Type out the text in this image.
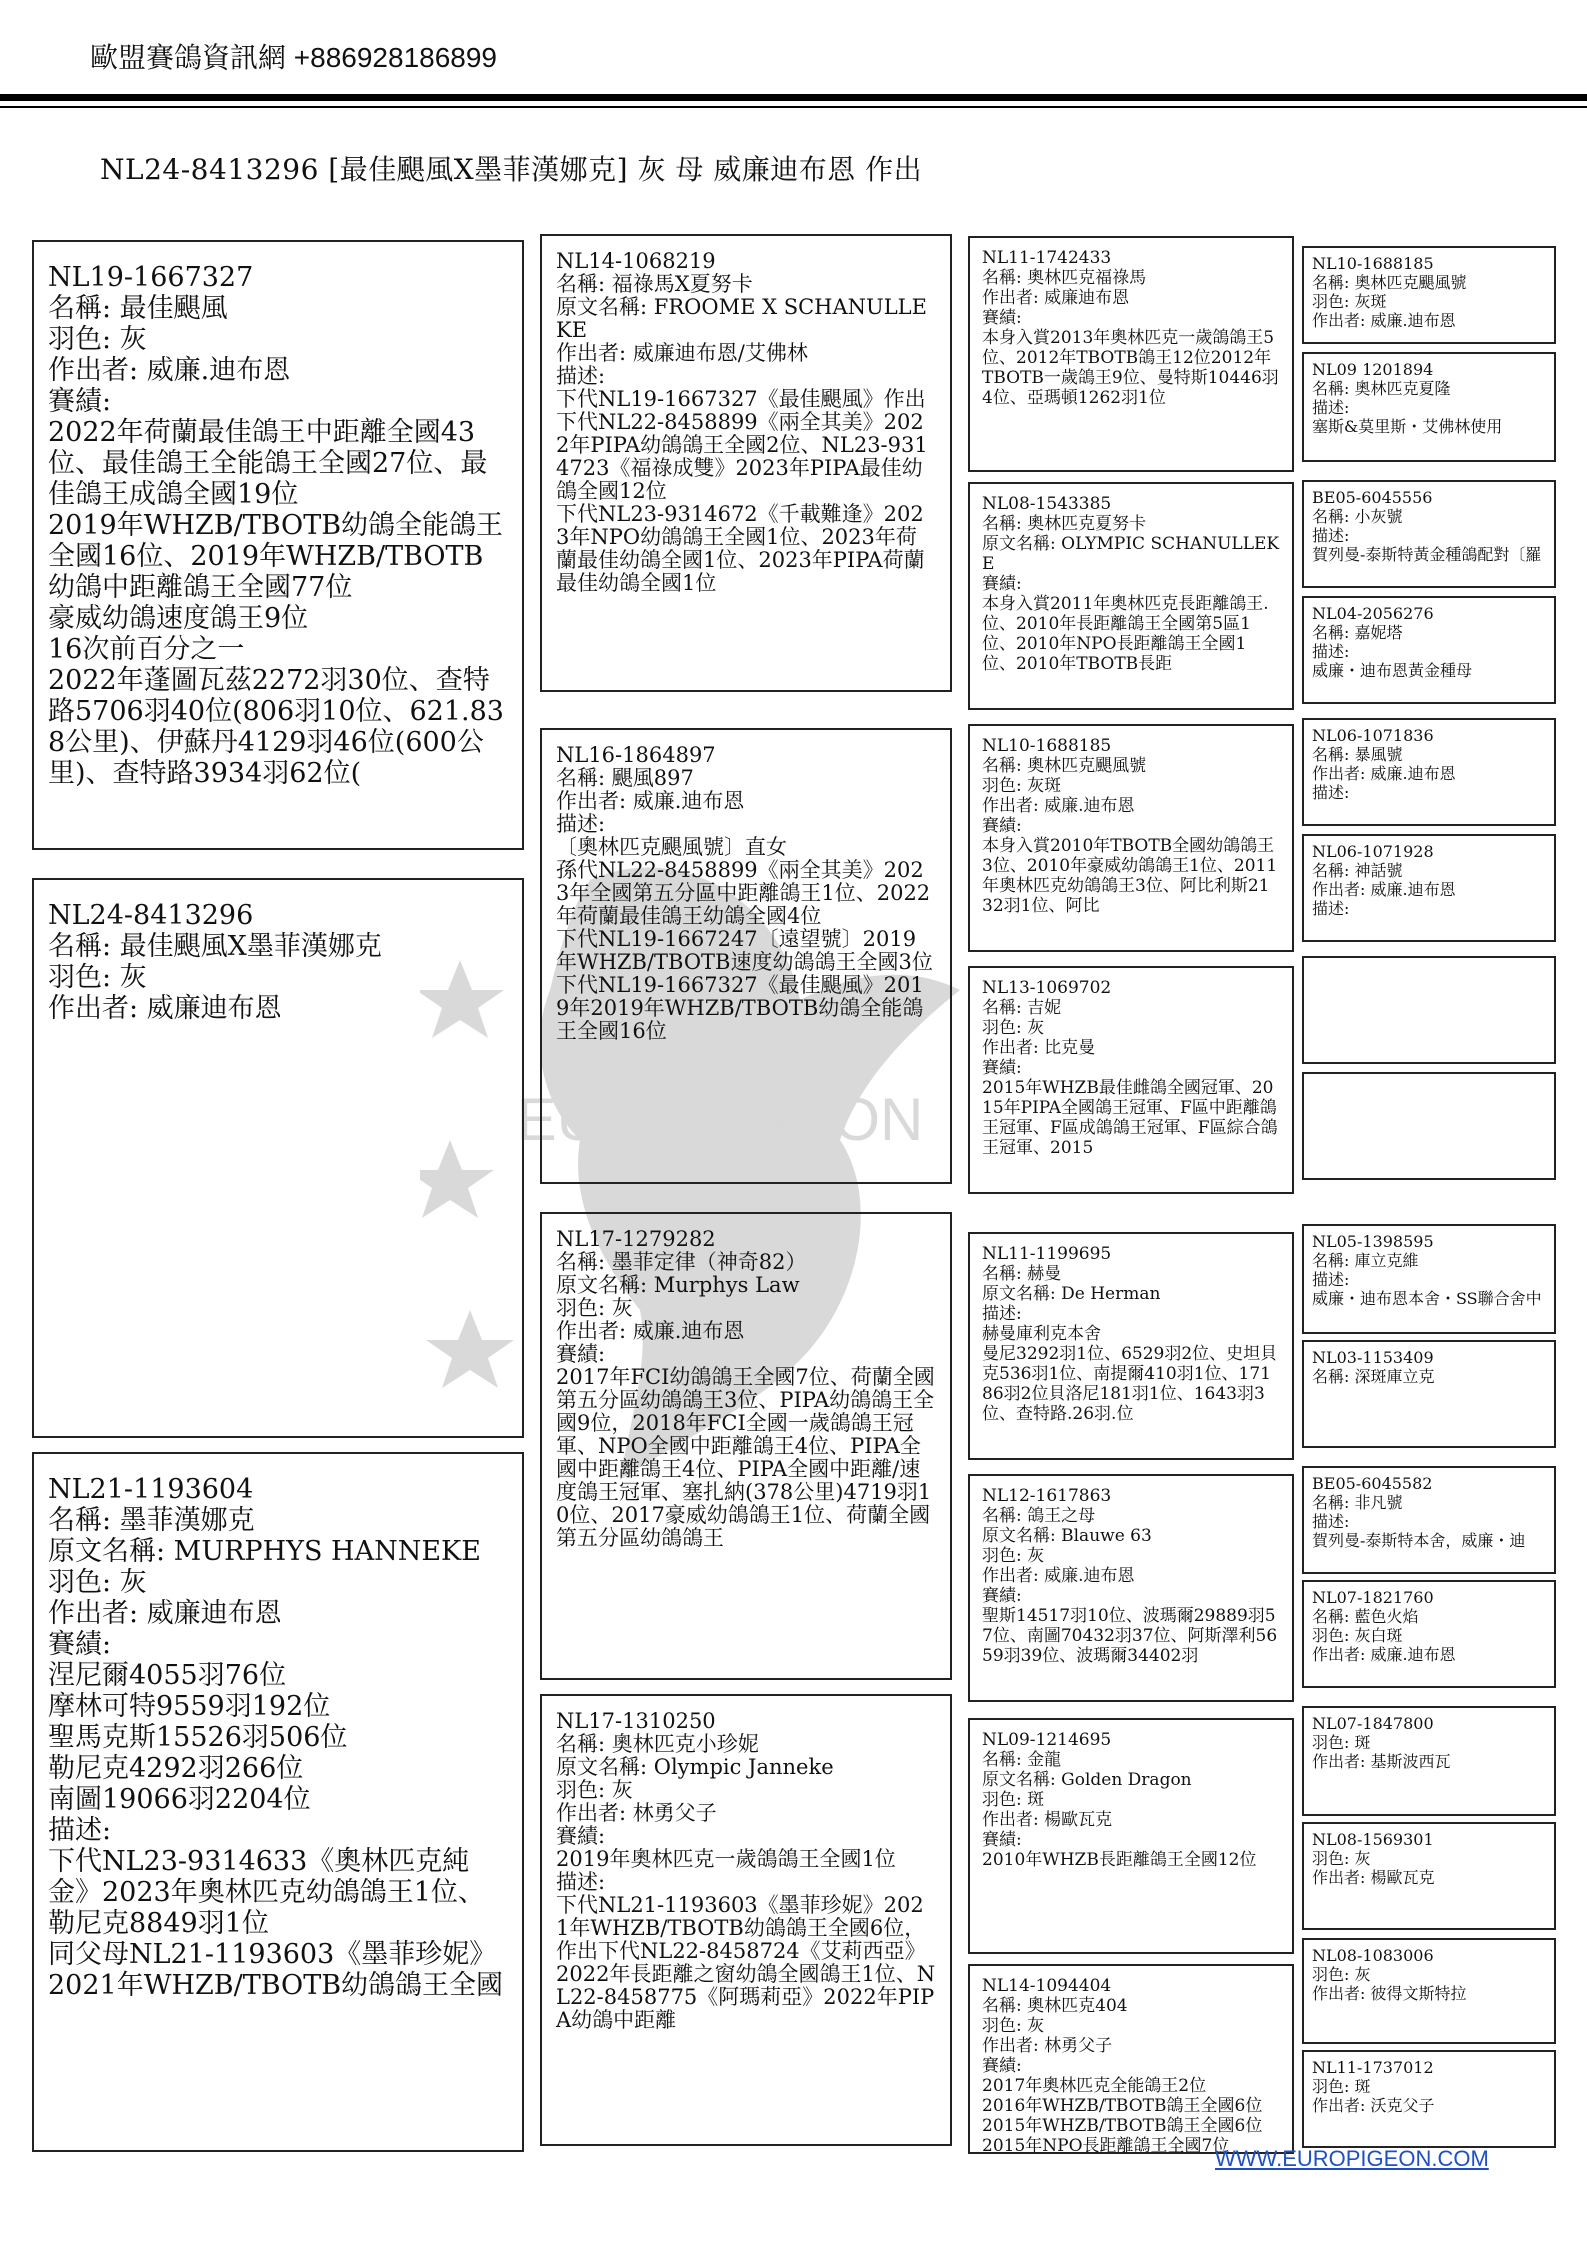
歐盟賽鴿資訊網 +886928186899
NL24-8413296 [最佳颶風X墨菲漢娜克] 灰 母 威廉迪布恩 作出
EUROPIGEON
NL19-1667327
名稱: 最佳颶風
羽色: 灰
作出者: 威廉.迪布恩
賽績:
2022年荷蘭最佳鴿王中距離全國43位、最佳鴿王全能鴿王全國27位、最佳鴿王成鴿全國19位
2019年WHZB/TBOTB幼鴿全能鴿王全國16位、2019年WHZB/TBOTB幼鴿中距離鴿王全國77位
豪威幼鴿速度鴿王9位
16次前百分之一
2022年蓬圖瓦茲2272羽30位、查特路5706羽40位(806羽10位、621.838公里)、伊蘇丹4129羽46位(600公里)、查特路3934羽62位(
NL24-8413296
名稱: 最佳颶風X墨菲漢娜克
羽色: 灰
作出者: 威廉迪布恩
NL21-1193604
名稱: 墨菲漢娜克
原文名稱: MURPHYS HANNEKE
羽色: 灰
作出者: 威廉迪布恩
賽績:
涅尼爾4055羽76位
摩林可特9559羽192位
聖馬克斯15526羽506位
勒尼克4292羽266位
南圖19066羽2204位
描述:
下代NL23-9314633《奧林匹克純金》2023年奧林匹克幼鴿鴿王1位、勒尼克8849羽1位
同父母NL21-1193603《墨菲珍妮》2021年WHZB/TBOTB幼鴿鴿王全國
NL14-1068219
名稱: 福祿馬X夏努卡
原文名稱: FROOME X SCHANULLEKE
作出者: 威廉迪布恩/艾佛林
描述:
下代NL19-1667327《最佳颶風》作出下代NL22-8458899《兩全其美》2022年PIPA幼鴿鴿王全國2位、NL23-9314723《福祿成雙》2023年PIPA最佳幼鴿全國12位
下代NL23-9314672《千載難逢》2023年NPO幼鴿鴿王全國1位、2023年荷蘭最佳幼鴿全國1位、2023年PIPA荷蘭最佳幼鴿全國1位
NL16-1864897
名稱: 颶風897
作出者: 威廉.迪布恩
描述:
〔奧林匹克颶風號〕直女
孫代NL22-8458899《兩全其美》2023年全國第五分區中距離鴿王1位、2022年荷蘭最佳鴿王幼鴿全國4位
下代NL19-1667247〔遠望號〕2019年WHZB/TBOTB速度幼鴿鴿王全國3位
下代NL19-1667327《最佳颶風》2019年2019年WHZB/TBOTB幼鴿全能鴿王全國16位
NL17-1279282
名稱: 墨菲定律（神奇82）
原文名稱: Murphys Law
羽色: 灰
作出者: 威廉.迪布恩
賽績:
2017年FCI幼鴿鴿王全國7位、荷蘭全國第五分區幼鴿鴿王3位、PIPA幼鴿鴿王全國9位，2018年FCI全國一歲鴿鴿王冠軍、NPO全國中距離鴿王4位、PIPA全國中距離鴿王4位、PIPA全國中距離/速度鴿王冠軍、塞扎納(378公里)4719羽10位、2017豪威幼鴿鴿王1位、荷蘭全國第五分區幼鴿鴿王
NL17-1310250
名稱: 奧林匹克小珍妮
原文名稱: Olympic Janneke
羽色: 灰
作出者: 林勇父子
賽績:
2019年奧林匹克一歲鴿鴿王全國1位
描述:
下代NL21-1193603《墨菲珍妮》2021年WHZB/TBOTB幼鴿鴿王全國6位，作出下代NL22-8458724《艾莉西亞》2022年長距離之窗幼鴿全國鴿王1位、NL22-8458775《阿瑪莉亞》2022年PIPA幼鴿中距離
NL11-1742433
名稱: 奧林匹克福祿馬
作出者: 威廉迪布恩
賽績:
本身入賞2013年奧林匹克一歲鴿鴿王5位、2012年TBOTB鴿王12位2012年TBOTB一歲鴿王9位、曼特斯10446羽4位、亞瑪頓1262羽1位
NL08-1543385
名稱: 奧林匹克夏努卡
原文名稱: OLYMPIC SCHANULLEKE
賽績:
本身入賞2011年奧林匹克長距離鴿王.位、2010年長距離鴿王全國第5區1位、2010年NPO長距離鴿王全國1位、2010年TBOTB長距
NL10-1688185
名稱: 奧林匹克颶風號
羽色: 灰斑
作出者: 威廉.迪布恩
賽績:
本身入賞2010年TBOTB全國幼鴿鴿王3位、2010年豪威幼鴿鴿王1位、2011年奧林匹克幼鴿鴿王3位、阿比利斯2132羽1位、阿比
NL13-1069702
名稱: 吉妮
羽色: 灰
作出者: 比克曼
賽績:
2015年WHZB最佳雌鴿全國冠軍、2015年PIPA全國鴿王冠軍、F區中距離鴿王冠軍、F區成鴿鴿王冠軍、F區綜合鴿王冠軍、2015
NL11-1199695
名稱: 赫曼
原文名稱: De Herman
描述:
赫曼庫利克本舍
曼尼3292羽1位、6529羽2位、史坦貝克536羽1位、南提爾410羽1位、17186羽2位貝洛尼181羽1位、1643羽3位、查特路.26羽.位
NL12-1617863
名稱: 鴿王之母
原文名稱: Blauwe 63
羽色: 灰
作出者: 威廉.迪布恩
賽績:
聖斯14517羽10位、波瑪爾29889羽57位、南圖70432羽37位、阿斯澤利5659羽39位、波瑪爾34402羽
NL09-1214695
名稱: 金龍
原文名稱: Golden Dragon
羽色: 斑
作出者: 楊歐瓦克
賽績:
2010年WHZB長距離鴿王全國12位
NL14-1094404
名稱: 奧林匹克404
羽色: 灰
作出者: 林勇父子
賽績:
2017年奧林匹克全能鴿王2位
2016年WHZB/TBOTB鴿王全國6位
2015年WHZB/TBOTB鴿王全國6位
2015年NPO長距離鴿王全國7位
NL10-1688185
名稱: 奧林匹克颶風號
羽色: 灰斑
作出者: 威廉.迪布恩
NL09 1201894
名稱: 奧林匹克夏隆
描述:
塞斯&莫里斯・艾佛林使用
BE05-6045556
名稱: 小灰號
描述:
賀列曼-泰斯特黃金種鴿配對〔羅
NL04-2056276
名稱: 嘉妮塔
描述:
威廉・迪布恩黃金種母
NL06-1071836
名稱: 暴風號
作出者: 威廉.迪布恩
描述:
NL06-1071928
名稱: 神話號
作出者: 威廉.迪布恩
描述:
NL05-1398595
名稱: 庫立克維
描述:
威廉・迪布恩本舍・SS聯合舍中
NL03-1153409
名稱: 深斑庫立克
BE05-6045582
名稱: 非凡號
描述:
賀列曼-泰斯特本舍，威廉・迪
NL07-1821760
名稱: 藍色火焰
羽色: 灰白斑
作出者: 威廉.迪布恩
NL07-1847800
羽色: 斑
作出者: 基斯波西瓦
NL08-1569301
羽色: 灰
作出者: 楊歐瓦克
NL08-1083006
羽色: 灰
作出者: 彼得文斯特拉
NL11-1737012
羽色: 斑
作出者: 沃克父子
WWW.EUROPIGEON.COM
